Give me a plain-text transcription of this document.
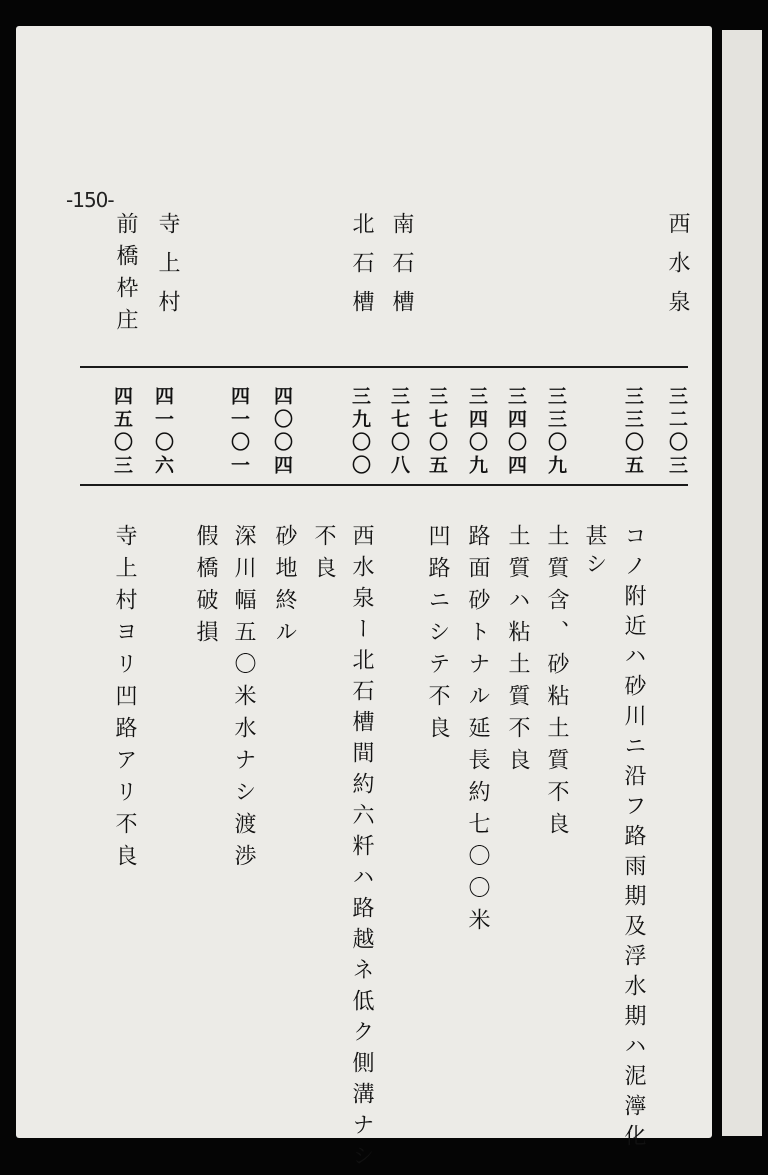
-150-
西水泉
南石槽
北石槽
寺上村
前橋枠庄
三二〇三
三三〇五
三三〇九
三四〇四
三四〇九
三七〇五
三七〇八
三九〇〇
四〇〇四
四一〇一
四一〇六
四五〇三
コノ附近ハ砂川ニ沿フ路雨期及浮水期ハ泥濘化
甚シ
土質含、砂粘土質不良
土質ハ粘土質不良
路面砂トナル延長約七〇〇米
凹路ニシテ不良
西水泉ー北石槽間約六粁ハ路越ネ低ク側溝ナシ
不良
砂地終ル
深川幅五〇米水ナシ渡渉
假橋破損
寺上村ヨリ凹路アリ不良
